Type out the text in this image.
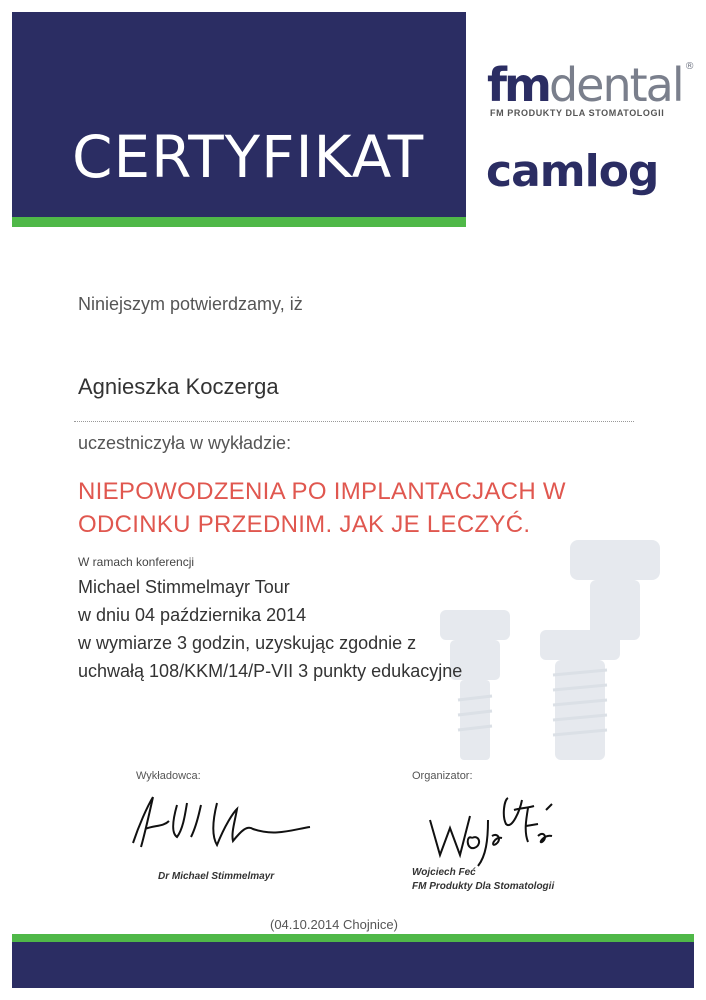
CERTYFIKAT
fmdental ®
FM PRODUKTY DLA STOMATOLOGII
camlog
Niniejszym potwierdzamy, iż
Agnieszka Koczerga
uczestniczyła w wykładzie:
NIEPOWODZENIA PO IMPLANTACJACH W ODCINKU PRZEDNIM. JAK JE LECZYĆ.
W ramach konferencji
Michael Stimmelmayr Tour
w dniu 04 października 2014
w wymiarze 3 godzin, uzyskując zgodnie z
uchwałą 108/KKM/14/P-VII 3 punkty edukacyjne
Wykładowca:
Dr Michael Stimmelmayr
Organizator:
Wojciech Feć
FM Produkty Dla Stomatologii
(04.10.2014 Chojnice)
